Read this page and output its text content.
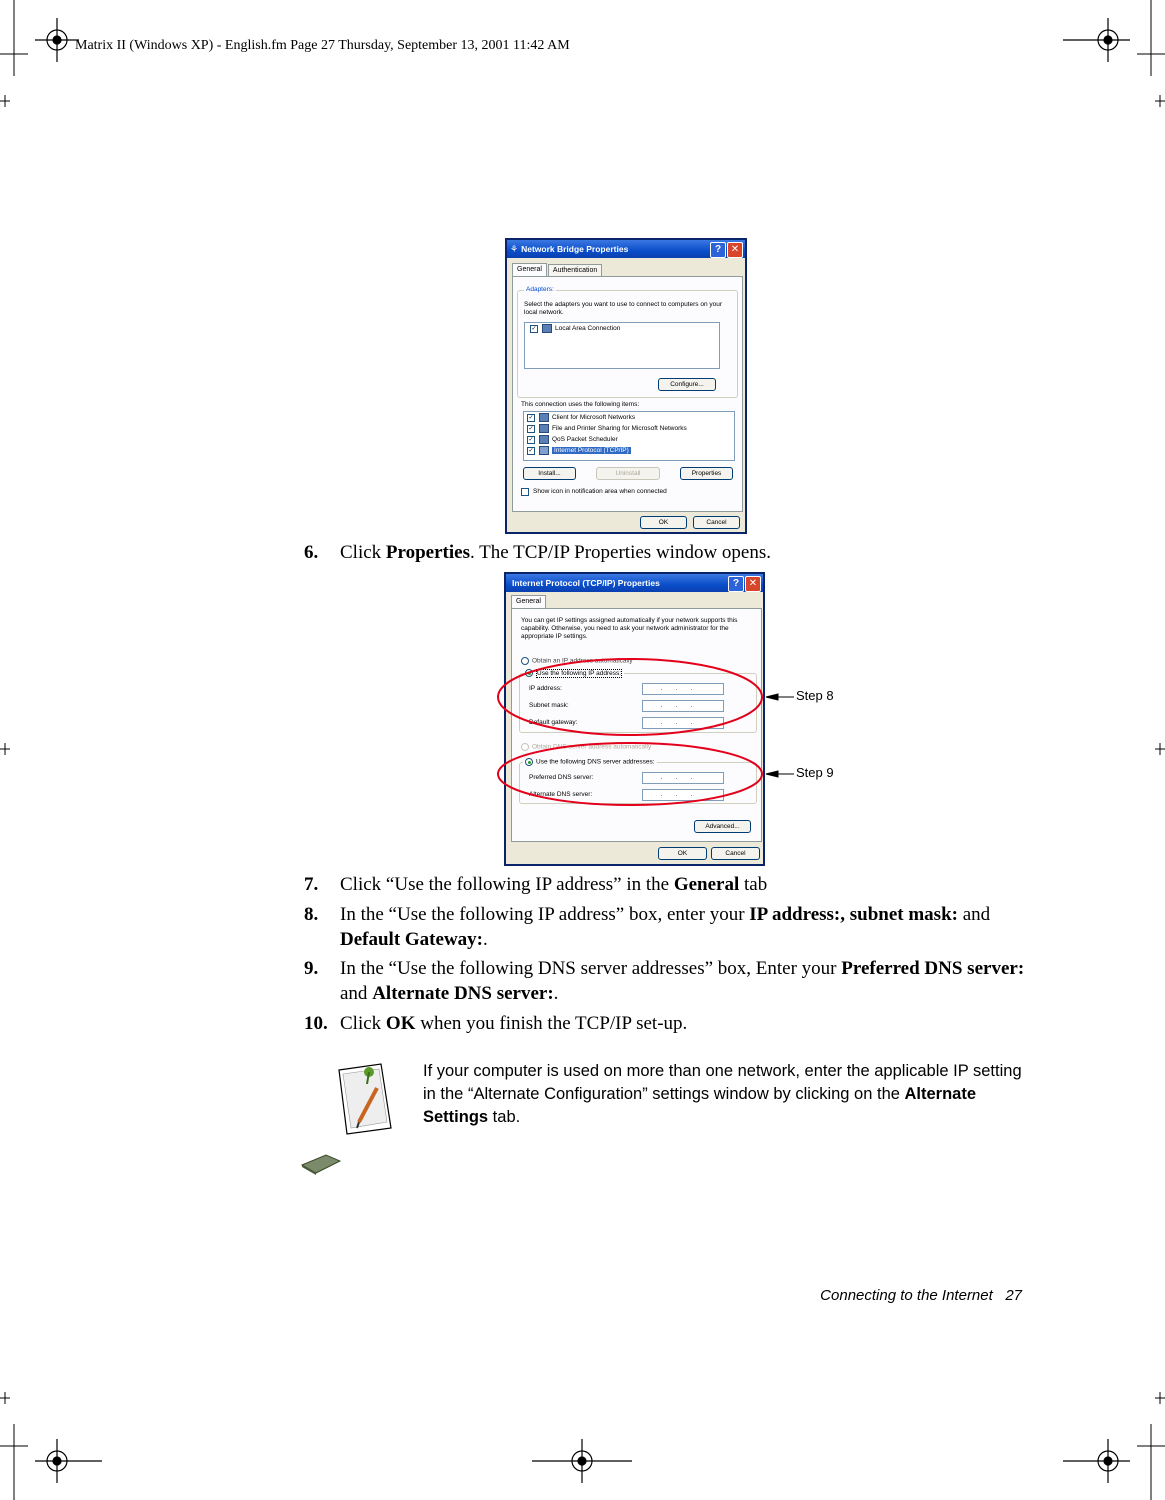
Matrix II (Windows XP) - English.fm Page 27 Thursday, September 13, 2001 11:42 AM
⚘ Network Bridge Properties	? ✕
General	Authentication
Adapters:
Select the adapters you want to use to connect to computers on your local network.
✓	Local Area Connection
Configure...
This connection uses the following items:
✓	Client for Microsoft Networks
✓	File and Printer Sharing for Microsoft Networks
✓	QoS Packet Scheduler
✓	Internet Protocol (TCP/IP)
Install...	Uninstall	Properties
Show icon in notification area when connected
OK	Cancel
Internet Protocol (TCP/IP) Properties	? ✕
General
You can get IP settings assigned automatically if your network supports this capability. Otherwise, you need to ask your network administrator for the appropriate IP settings.
Obtain an IP address automatically
Use the following IP address:
IP address:	...
Subnet mask:	...
Default gateway:	...
Obtain DNS server address automatically
Use the following DNS server addresses:
Preferred DNS server:	...
Alternate DNS server:	...
Advanced...
OK	Cancel
Step 8
Step 9
6. Click Properties. The TCP/IP Properties window opens.
7. Click “Use the following IP address” in the General tab
8. In the “Use the following IP address” box, enter your IP address:, subnet mask: and Default Gateway:.
9. In the “Use the following DNS server addresses” box, Enter your Preferred DNS server: and Alternate DNS server:.
10. Click OK when you finish the TCP/IP set-up.
If your computer is used on more than one network, enter the applicable IP setting in the “Alternate Configuration” settings window by clicking on the Alternate Settings tab.
Connecting to the Internet 27
